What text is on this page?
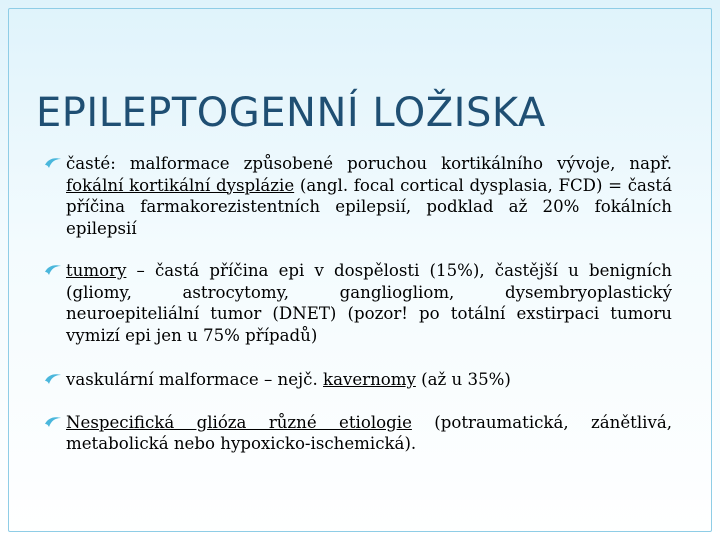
EPILEPTOGENNÍ LOŽISKA
časté: malformace způsobené poruchou kortikálního vývoje, např. fokální kortikální dysplázie (angl. focal cortical dysplasia, FCD) = častá příčina farmakorezistentních epilepsií, podklad až 20% fokálních epilepsií
tumory – častá příčina epi v dospělosti (15%), častější u benigních (gliomy, astrocytomy, gangliogliom, dysembryoplastický neuroepiteliální tumor (DNET) (pozor! po totální exstirpaci tumoru vymizí epi jen u 75% případů)
vaskulární malformace – nejč. kavernomy (až u 35%)
Nespecifická glióza různé etiologie (potraumatická, zánětlivá, metabolická nebo hypoxicko-ischemická).
